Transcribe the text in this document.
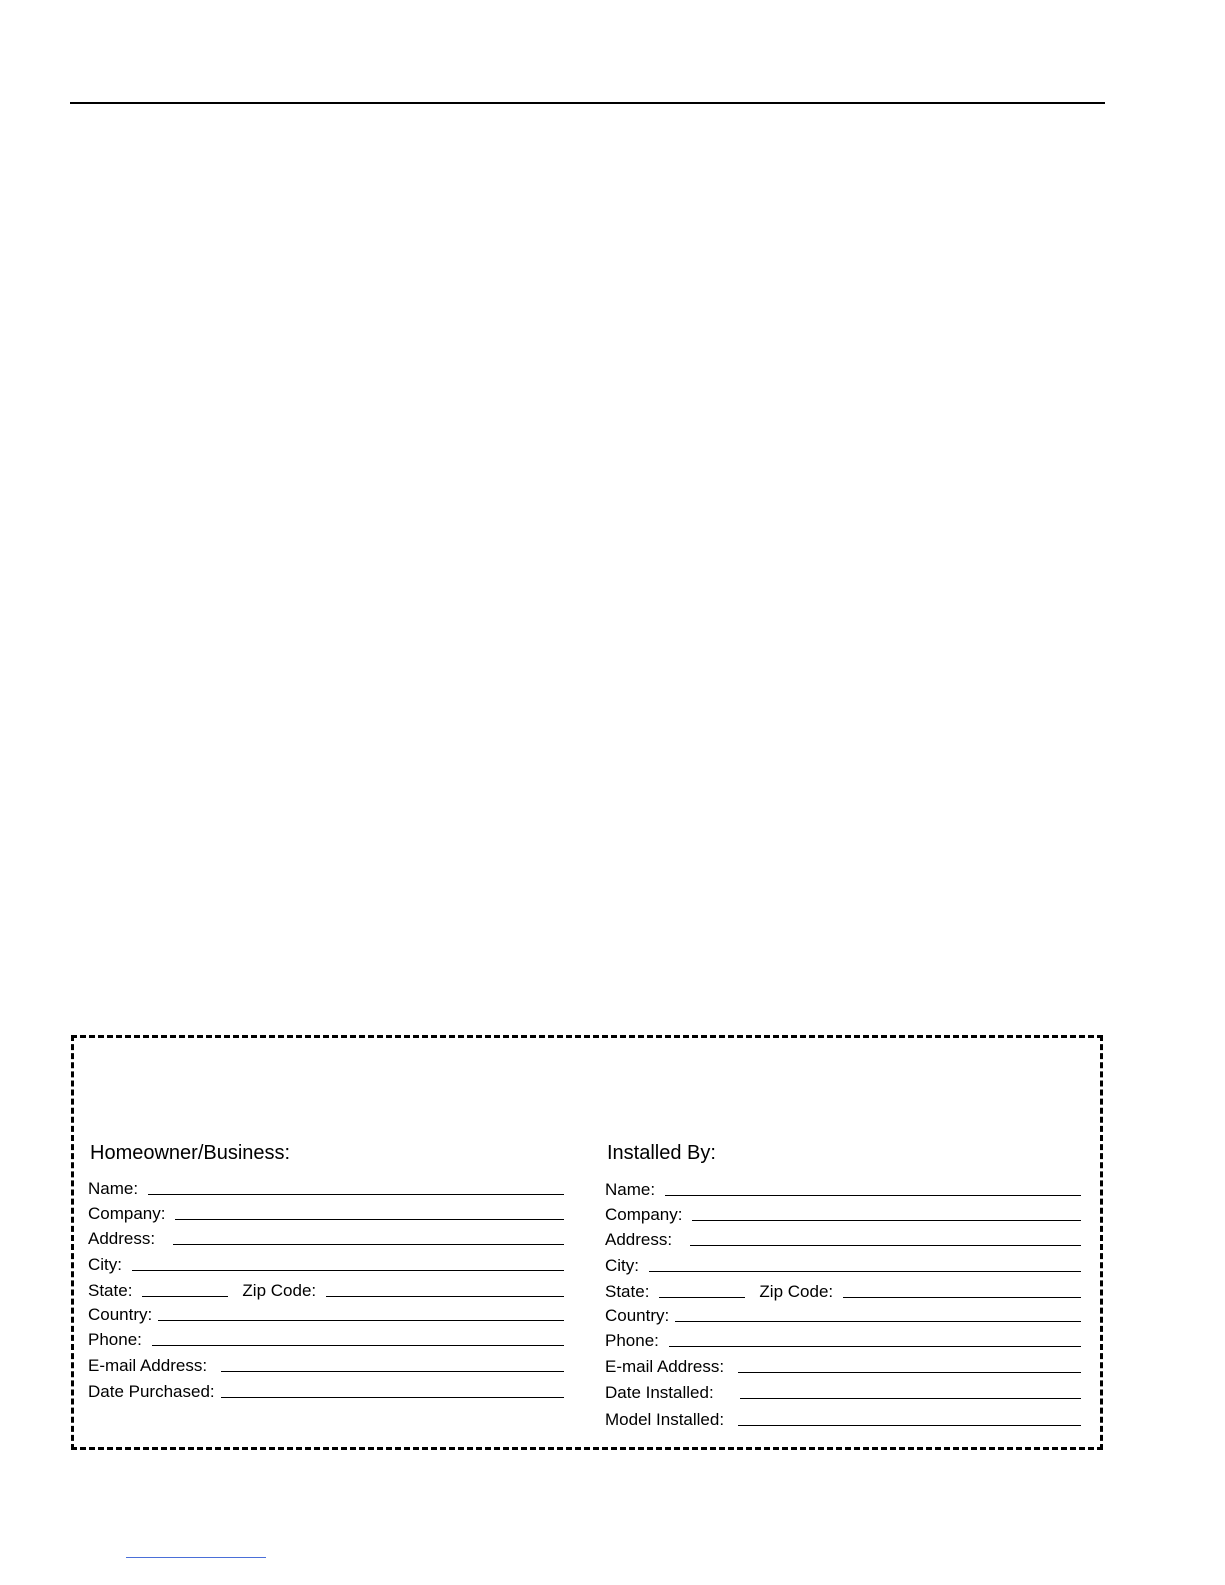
Homeowner/Business:
Name:
Company:
Address:
City:
State:	Zip Code:
Country:
Phone:
E-mail Address:
Date Purchased:
Installed By:
Name:
Company:
Address:
City:
State:	Zip Code:
Country:
Phone:
E-mail Address:
Date Installed:
Model Installed:
